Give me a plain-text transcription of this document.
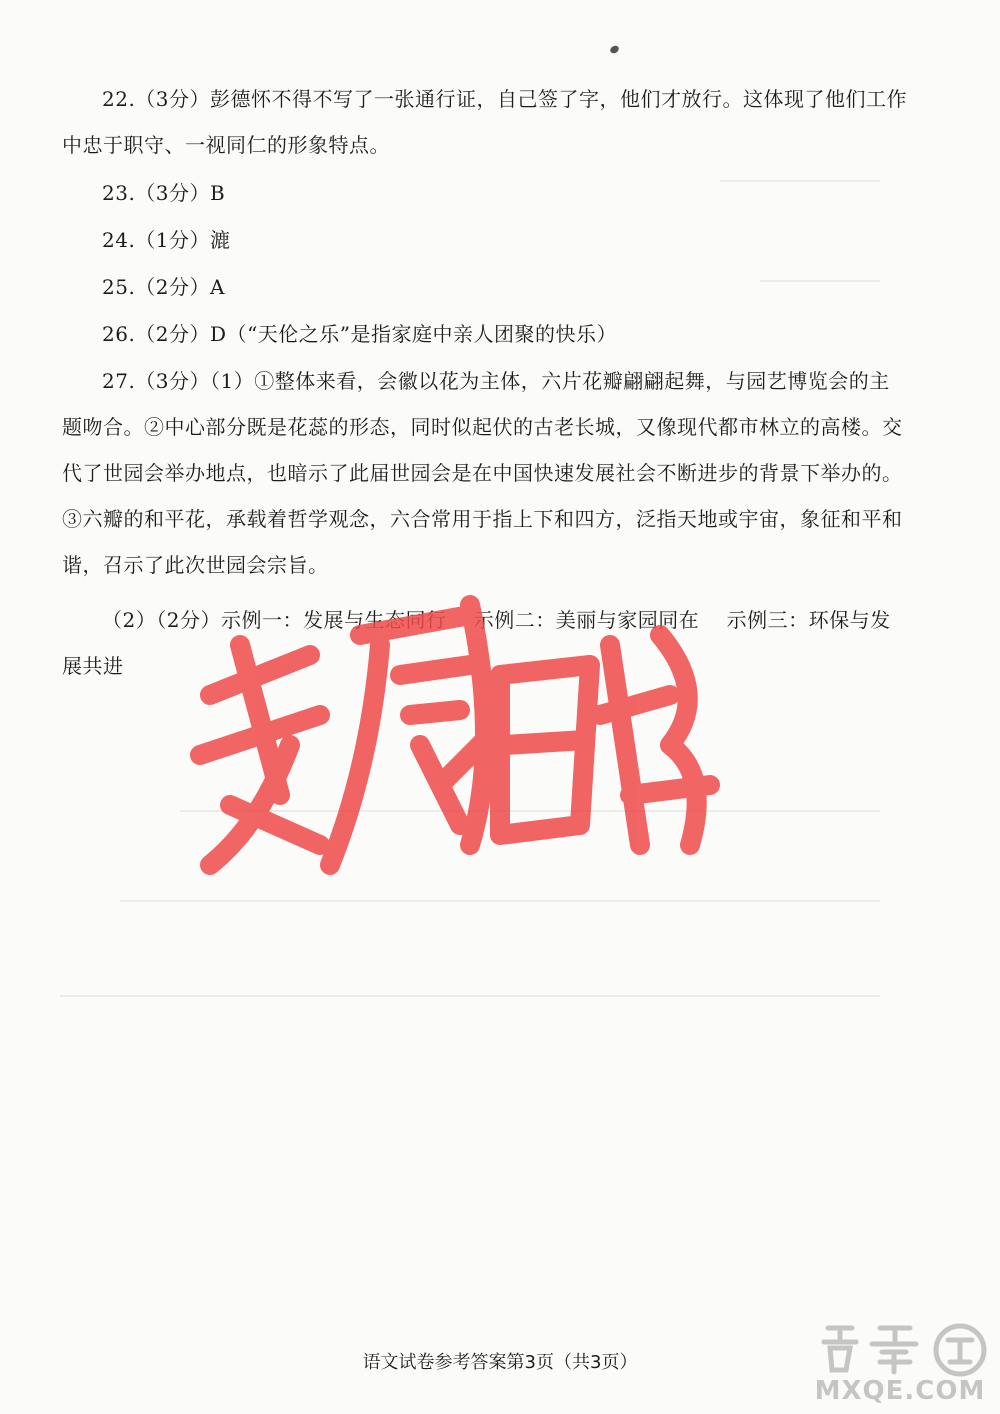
22.（3分）彭德怀不得不写了一张通行证，自己签了字，他们才放行。这体现了他们工作中忠于职守、一视同仁的形象特点。

23.（3分）B

24.（1分）漉

25.（2分）A

26.（2分）D（“天伦之乐”是指家庭中亲人团聚的快乐）

27.（3分）（1）①整体来看，会徽以花为主体，六片花瓣翩翩起舞，与园艺博览会的主题吻合。②中心部分既是花蕊的形态，同时似起伏的古老长城，又像现代都市林立的高楼。交代了世园会举办地点，也暗示了此届世园会是在中国快速发展社会不断进步的背景下举办的。③六瓣的和平花，承载着哲学观念，六合常用于指上下和四方，泛指天地或宇宙，象征和平和谐，召示了此次世园会宗旨。

（2）（2分）示例一：发展与生态同行　 示例二：美丽与家园同在　 示例三：环保与发展共进

语文试卷参考答案第3页（共3页）
MXQE.COM
